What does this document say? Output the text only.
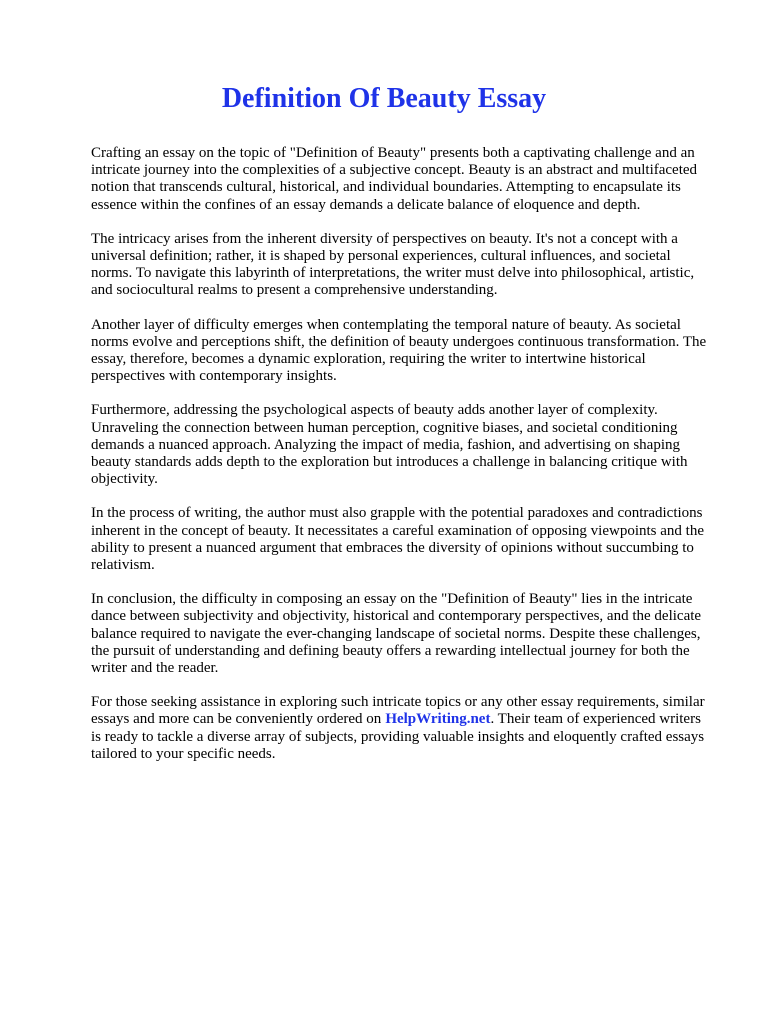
Definition Of Beauty Essay

Crafting an essay on the topic of "Definition of Beauty" presents both a captivating challenge and an intricate journey into the complexities of a subjective concept. Beauty is an abstract and multifaceted notion that transcends cultural, historical, and individual boundaries. Attempting to encapsulate its essence within the confines of an essay demands a delicate balance of eloquence and depth.

The intricacy arises from the inherent diversity of perspectives on beauty. It's not a concept with a universal definition; rather, it is shaped by personal experiences, cultural influences, and societal norms. To navigate this labyrinth of interpretations, the writer must delve into philosophical, artistic, and sociocultural realms to present a comprehensive understanding.

Another layer of difficulty emerges when contemplating the temporal nature of beauty. As societal norms evolve and perceptions shift, the definition of beauty undergoes continuous transformation. The essay, therefore, becomes a dynamic exploration, requiring the writer to intertwine historical perspectives with contemporary insights.

Furthermore, addressing the psychological aspects of beauty adds another layer of complexity. Unraveling the connection between human perception, cognitive biases, and societal conditioning demands a nuanced approach. Analyzing the impact of media, fashion, and advertising on shaping beauty standards adds depth to the exploration but introduces a challenge in balancing critique with objectivity.

In the process of writing, the author must also grapple with the potential paradoxes and contradictions inherent in the concept of beauty. It necessitates a careful examination of opposing viewpoints and the ability to present a nuanced argument that embraces the diversity of opinions without succumbing to relativism.

In conclusion, the difficulty in composing an essay on the "Definition of Beauty" lies in the intricate dance between subjectivity and objectivity, historical and contemporary perspectives, and the delicate balance required to navigate the ever-changing landscape of societal norms. Despite these challenges, the pursuit of understanding and defining beauty offers a rewarding intellectual journey for both the writer and the reader.

For those seeking assistance in exploring such intricate topics or any other essay requirements, similar essays and more can be conveniently ordered on HelpWriting.net. Their team of experienced writers is ready to tackle a diverse array of subjects, providing valuable insights and eloquently crafted essays tailored to your specific needs.
